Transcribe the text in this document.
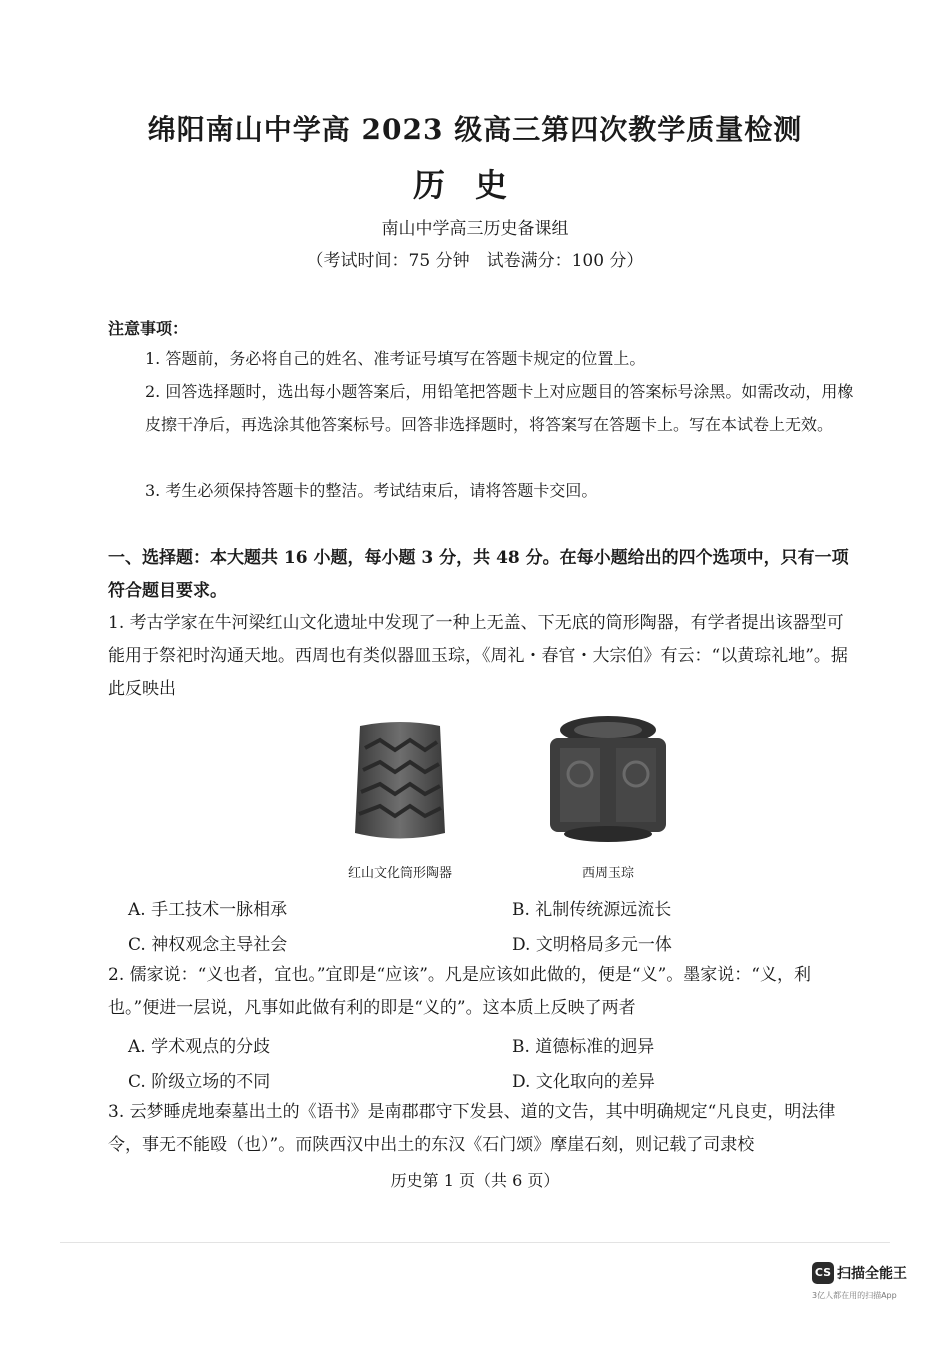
绵阳南山中学高 2023 级高三第四次教学质量检测
历史
南山中学高三历史备课组
（考试时间：75 分钟　试卷满分：100 分）
注意事项：
1. 答题前，务必将自己的姓名、准考证号填写在答题卡规定的位置上。
2. 回答选择题时，选出每小题答案后，用铅笔把答题卡上对应题目的答案标号涂黑。如需改动，用橡皮擦干净后，再选涂其他答案标号。回答非选择题时，将答案写在答题卡上。写在本试卷上无效。
3. 考生必须保持答题卡的整洁。考试结束后，请将答题卡交回。
一、选择题：本大题共 16 小题，每小题 3 分，共 48 分。在每小题给出的四个选项中，只有一项符合题目要求。
1. 考古学家在牛河梁红山文化遗址中发现了一种上无盖、下无底的筒形陶器，有学者提出该器型可能用于祭祀时沟通天地。西周也有类似器皿玉琮，《周礼・春官・大宗伯》有云：“以黄琮礼地”。据此反映出
红山文化筒形陶器	西周玉琮
A. 手工技术一脉相承	B. 礼制传统源远流长
C. 神权观念主导社会	D. 文明格局多元一体
2. 儒家说：“义也者，宜也。”宜即是“应该”。凡是应该如此做的，便是“义”。墨家说：“义，利也。”便进一层说，凡事如此做有利的即是“义的”。这本质上反映了两者
A. 学术观点的分歧	B. 道德标准的迥异
C. 阶级立场的不同	D. 文化取向的差异
3. 云梦睡虎地秦墓出土的《语书》是南郡郡守下发县、道的文告，其中明确规定“凡良吏，明法律令，事无不能殴（也）”。而陕西汉中出土的东汉《石门颂》摩崖石刻，则记载了司隶校
历史第 1 页（共 6 页）
CS 扫描全能王
3亿人都在用的扫描App
